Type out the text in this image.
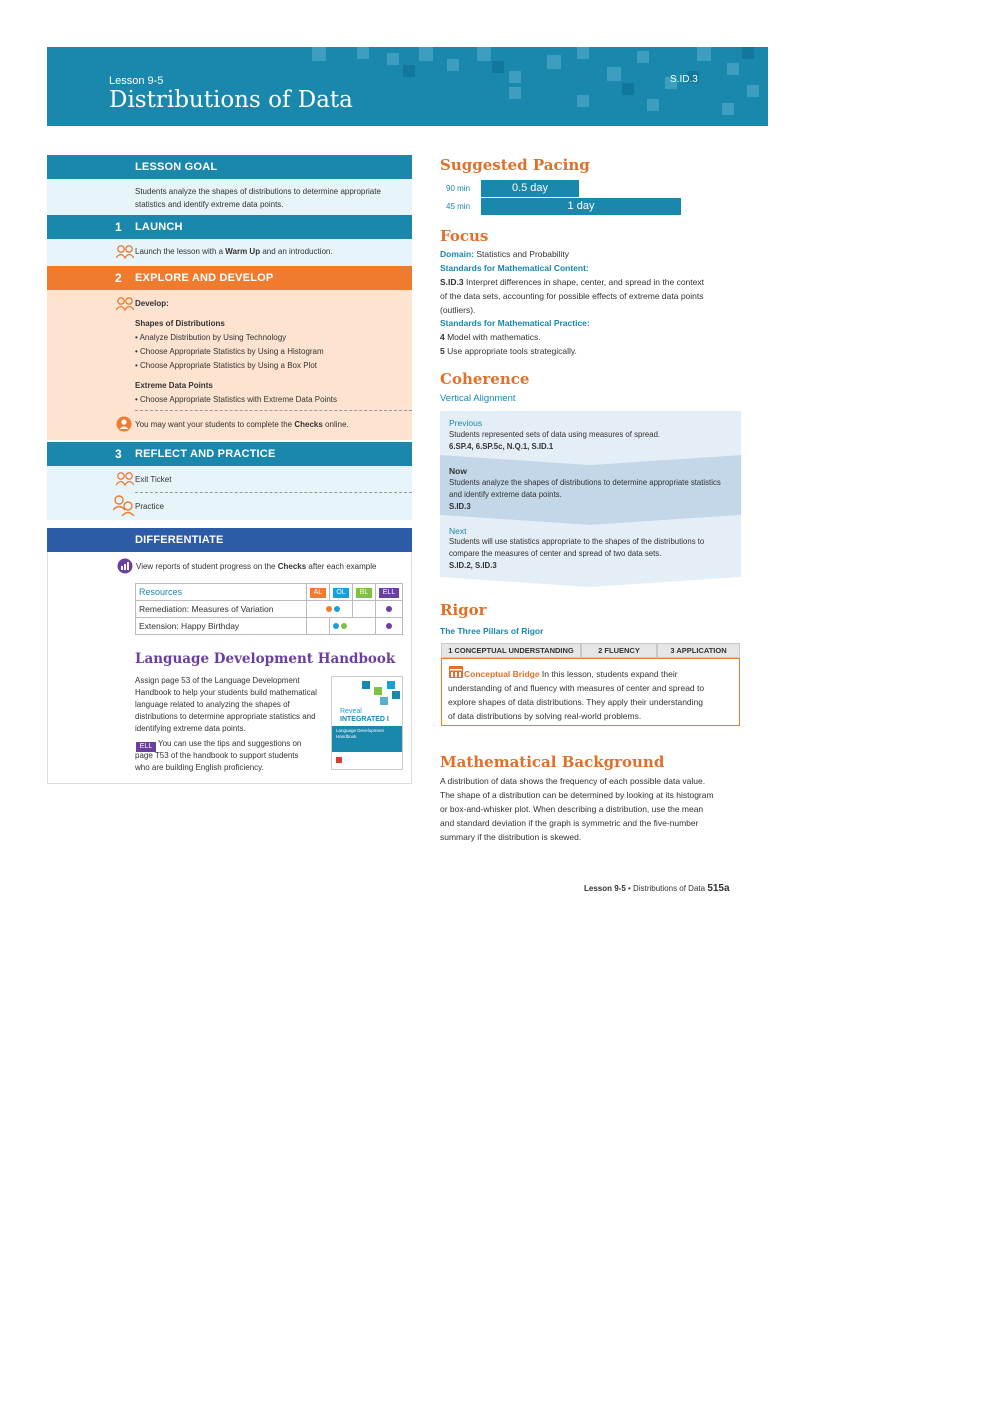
Lesson 9-5
Distributions of Data
S.ID.3
LESSON GOAL
Students analyze the shapes of distributions to determine appropriate
statistics and identify extreme data points.
1 LAUNCH
Launch the lesson with a Warm Up and an introduction.
2 EXPLORE AND DEVELOP
Develop:
Shapes of Distributions
• Analyze Distribution by Using Technology
• Choose Appropriate Statistics by Using a Histogram
• Choose Appropriate Statistics by Using a Box Plot
Extreme Data Points
• Choose Appropriate Statistics with Extreme Data Points
You may want your students to complete the Checks online.
3 REFLECT AND PRACTICE
Exit Ticket
Practice
DIFFERENTIATE
View reports of student progress on the Checks after each example
Resources	AL	OL	BL	ELL
Remediation: Measures of Variation				
Extension: Happy Birthday				
Language Development Handbook
Assign page 53 of the Language Development
Handbook to help your students build mathematical
language related to analyzing the shapes of
distributions to determine appropriate statistics and
identifying extreme data points.
ELL You can use the tips and suggestions on
page T53 of the handbook to support students
who are building English proficiency.
Reveal
INTEGRATED I
Language Development Handbook
Suggested Pacing
90 min	0.5 day
45 min	1 day
Focus
Domain: Statistics and Probability
Standards for Mathematical Content:
S.ID.3 Interpret differences in shape, center, and spread in the context
of the data sets, accounting for possible effects of extreme data points
(outliers).
Standards for Mathematical Practice:
4 Model with mathematics.
5 Use appropriate tools strategically.
Coherence
Vertical Alignment
Previous
Students represented sets of data using measures of spread.
6.SP.4, 6.SP.5c, N.Q.1, S.ID.1
Now
Students analyze the shapes of distributions to determine appropriate statistics
and identify extreme data points.
S.ID.3
Next
Students will use statistics appropriate to the shapes of the distributions to
compare the measures of center and spread of two data sets.
S.ID.2, S.ID.3
Rigor
The Three Pillars of Rigor
1 CONCEPTUAL UNDERSTANDING	2 FLUENCY	3 APPLICATION
Conceptual Bridge In this lesson, students expand their
understanding of and fluency with measures of center and spread to
explore shapes of data distributions. They apply their understanding
of data distributions by solving real-world problems.
Mathematical Background
A distribution of data shows the frequency of each possible data value.
The shape of a distribution can be determined by looking at its histogram
or box-and-whisker plot. When describing a distribution, use the mean
and standard deviation if the graph is symmetric and the five-number
summary if the distribution is skewed.
Lesson 9-5 • Distributions of Data 515a
